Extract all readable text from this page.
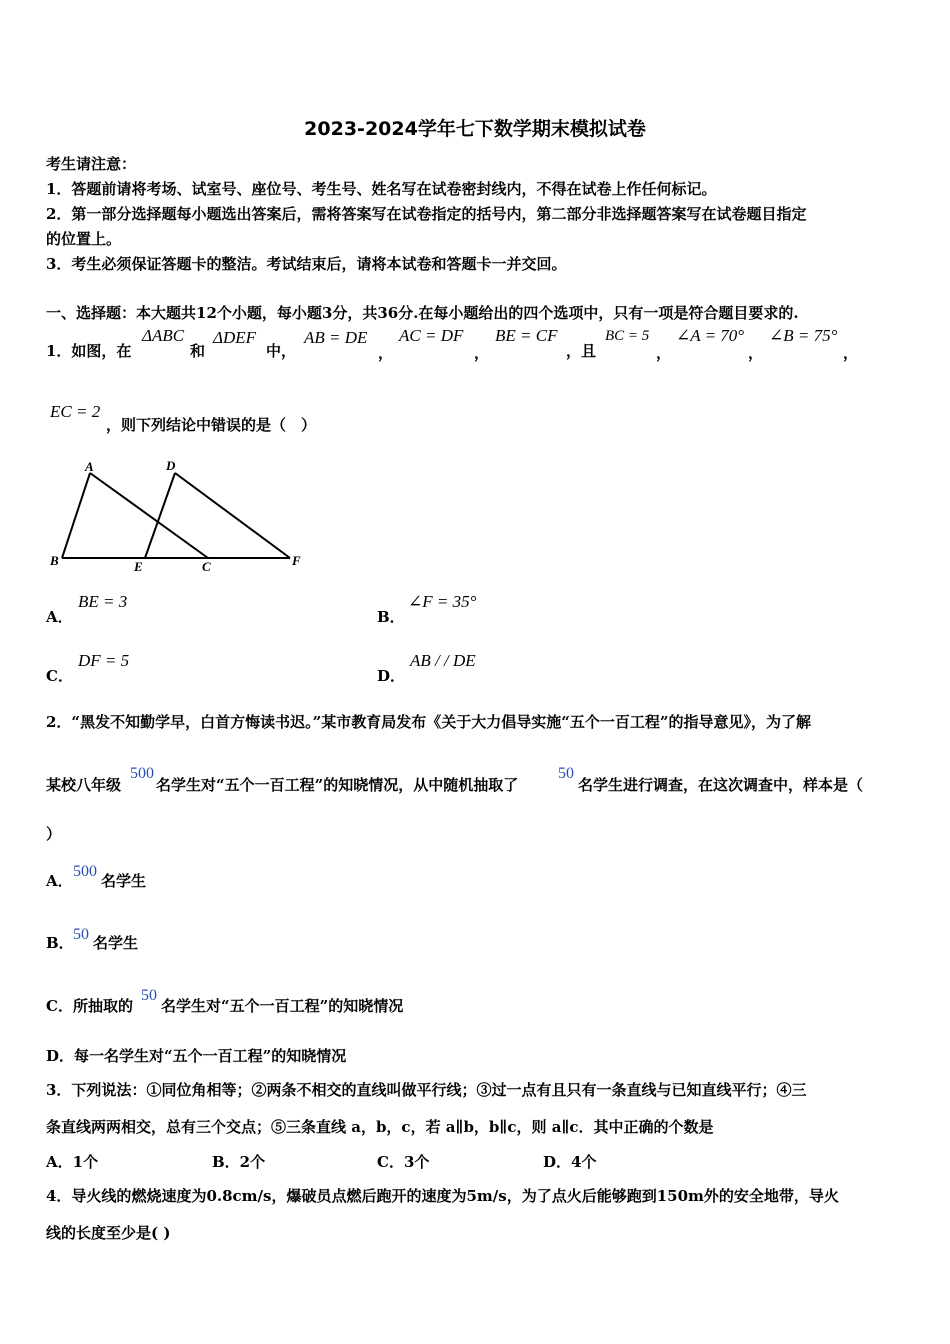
2023-2024学年七下数学期末模拟试卷
考生请注意：
1．答题前请将考场、试室号、座位号、考生号、姓名写在试卷密封线内，不得在试卷上作任何标记。
2．第一部分选择题每小题选出答案后，需将答案写在试卷指定的括号内，第二部分非选择题答案写在试卷题目指定
的位置上。
3．考生必须保证答题卡的整洁。考试结束后，请将本试卷和答题卡一并交回。
一、选择题：本大题共12个小题，每小题3分，共36分.在每小题给出的四个选项中，只有一项是符合题目要求的.
1．如图，在
ΔABC
和
ΔDEF
中，
AB = DE
，
AC = DF
，
BE = CF
，且
BC = 5
，
∠A = 70°
，
∠B = 75°
，
EC = 2
，则下列结论中错误的是（　）
A
B	C
D
E	F
A．
BE = 3
B．
∠F = 35°
C．
DF = 5
D．
AB / / DE
2．“黑发不知勤学早，白首方悔读书迟。”某市教育局发布《关于大力倡导实施“五个一百工程”的指导意见》，为了解
某校八年级
500
名学生对“五个一百工程”的知晓情况，从中随机抽取了
50
名学生进行调查，在这次调查中，样本是（
）
A．
500
名学生
B． 50 名学生
C．所抽取的
50
名学生对“五个一百工程”的知晓情况
D．每一名学生对“五个一百工程”的知晓情况
3．下列说法：①同位角相等；②两条不相交的直线叫做平行线；③过一点有且只有一条直线与已知直线平行；④三
条直线两两相交，总有三个交点；⑤三条直线 a，b，c，若 a∥b，b∥c，则 a∥c．其中正确的个数是
A．1个	B．2个	C．3个	D．4个
4．导火线的燃烧速度为0.8cm/s，爆破员点燃后跑开的速度为5m/s，为了点火后能够跑到150m外的安全地带，导火
线的长度至少是( )
